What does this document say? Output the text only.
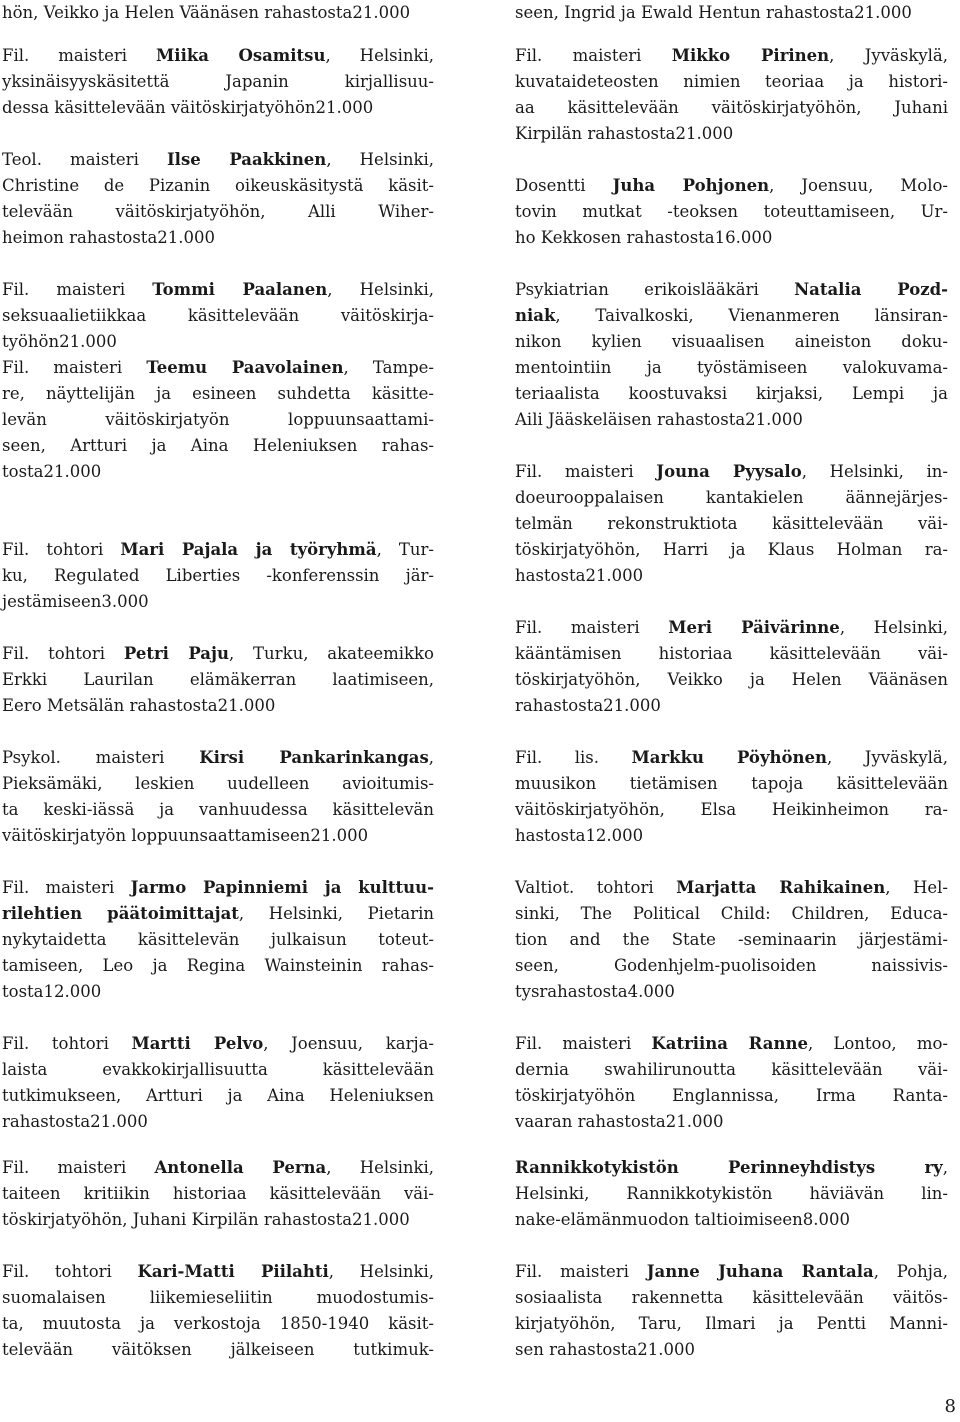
hön, Veikko ja Helen Väänäsen rahastosta21.000
Fil. maisteri Miika Osamitsu, Helsinki,
yksinäisyyskäsitettä Japanin kirjallisuu-
dessa käsittelevään väitöskirjatyöhön21.000
Teol. maisteri Ilse Paakkinen, Helsinki,
Christine de Pizanin oikeuskäsitystä käsit-
televään väitöskirjatyöhön, Alli Wiher-
heimon rahastosta21.000
Fil. maisteri Tommi Paalanen, Helsinki,
seksuaalietiikkaa käsittelevään väitöskirja-
työhön21.000
Fil. maisteri Teemu Paavolainen, Tampe-
re, näyttelijän ja esineen suhdetta käsitte-
levän väitöskirjatyön loppuunsaattami-
seen, Artturi ja Aina Heleniuksen rahas-
tosta21.000
Fil. tohtori Mari Pajala ja työryhmä, Tur-
ku, Regulated Liberties -konferenssin jär-
jestämiseen3.000
Fil. tohtori Petri Paju, Turku, akateemikko
Erkki Laurilan elämäkerran laatimiseen,
Eero Metsälän rahastosta21.000
Psykol. maisteri Kirsi Pankarinkangas,
Pieksämäki, leskien uudelleen avioitumis-
ta keski-iässä ja vanhuudessa käsittelevän
väitöskirjatyön loppuunsaattamiseen21.000
Fil. maisteri Jarmo Papinniemi ja kulttuu-
rilehtien päätoimittajat, Helsinki, Pietarin
nykytaidetta käsittelevän julkaisun toteut-
tamiseen, Leo ja Regina Wainsteinin rahas-
tosta12.000
Fil. tohtori Martti Pelvo, Joensuu, karja-
laista evakkokirjallisuutta käsittelevään
tutkimukseen, Artturi ja Aina Heleniuksen
rahastosta21.000
Fil. maisteri Antonella Perna, Helsinki,
taiteen kritiikin historiaa käsittelevään väi-
töskirjatyöhön, Juhani Kirpilän rahastosta21.000
Fil. tohtori Kari-Matti Piilahti, Helsinki,
suomalaisen liikemieseliitin muodostumis-
ta, muutosta ja verkostoja 1850-1940 käsit-
televään väitöksen jälkeiseen tutkimuk-
seen, Ingrid ja Ewald Hentun rahastosta21.000
Fil. maisteri Mikko Pirinen, Jyväskylä,
kuvataideteosten nimien teoriaa ja histori-
aa käsittelevään väitöskirjatyöhön, Juhani
Kirpilän rahastosta21.000
Dosentti Juha Pohjonen, Joensuu, Molo-
tovin mutkat -teoksen toteuttamiseen, Ur-
ho Kekkosen rahastosta16.000
Psykiatrian erikoislääkäri Natalia Pozd-
niak, Taivalkoski, Vienanmeren länsiran-
nikon kylien visuaalisen aineiston doku-
mentointiin ja työstämiseen valokuvama-
teriaalista koostuvaksi kirjaksi, Lempi ja
Aili Jääskeläisen rahastosta21.000
Fil. maisteri Jouna Pyysalo, Helsinki, in-
doeurooppalaisen kantakielen äännejärjes-
telmän rekonstruktiota käsittelevään väi-
töskirjatyöhön, Harri ja Klaus Holman ra-
hastosta21.000
Fil. maisteri Meri Päivärinne, Helsinki,
kääntämisen historiaa käsittelevään väi-
töskirjatyöhön, Veikko ja Helen Väänäsen
rahastosta21.000
Fil. lis. Markku Pöyhönen, Jyväskylä,
muusikon tietämisen tapoja käsittelevään
väitöskirjatyöhön, Elsa Heikinheimon ra-
hastosta12.000
Valtiot. tohtori Marjatta Rahikainen, Hel-
sinki, The Political Child: Children, Educa-
tion and the State -seminaarin järjestämi-
seen, Godenhjelm-puolisoiden naissivis-
tysrahastosta4.000
Fil. maisteri Katriina Ranne, Lontoo, mo-
dernia swahilirunoutta käsittelevään väi-
töskirjatyöhön Englannissa, Irma Ranta-
vaaran rahastosta21.000
Rannikkotykistön Perinneyhdistys ry,
Helsinki, Rannikkotykistön häviävän lin-
nake-elämänmuodon taltioimiseen8.000
Fil. maisteri Janne Juhana Rantala, Pohja,
sosiaalista rakennetta käsittelevään väitös-
kirjatyöhön, Taru, Ilmari ja Pentti Manni-
sen rahastosta21.000
8
